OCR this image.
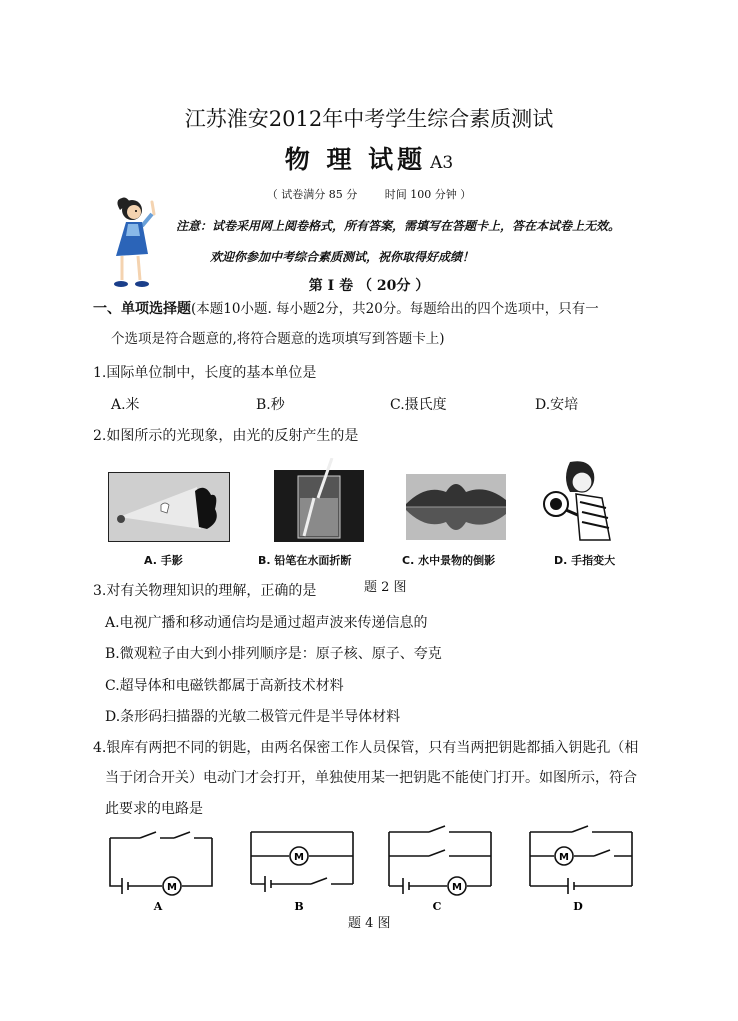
江苏淮安2012年中考学生综合素质测试
物 理 试题 A3
（ 试卷满分 85 分	时间 100 分钟 ）
注意：试卷采用网上阅卷格式，所有答案，需填写在答题卡上，答在本试卷上无效。
欢迎你参加中考综合素质测试，祝你取得好成绩！
第 I 卷 （ 20分 ）
一、单项选择题(本题10小题. 每小题2分，共20分。每题给出的四个选项中，只有一
个选项是符合题意的,将符合题意的选项填写到答题卡上)
1.国际单位制中，长度的基本单位是
A.米	B.秒	C.摄氏度	D.安培
2.如图所示的光现象，由光的反射产生的是
A. 手影	B. 铅笔在水面折断	C. 水中景物的倒影	D. 手指变大
题 2 图
3.对有关物理知识的理解，正确的是
A.电视广播和移动通信均是通过超声波来传递信息的
B.微观粒子由大到小排列顺序是：原子核、原子、夸克
C.超导体和电磁铁都属于高新技术材料
D.条形码扫描器的光敏二极管元件是半导体材料
4.银库有两把不同的钥匙，由两名保密工作人员保管，只有当两把钥匙都插入钥匙孔（相
当于闭合开关）电动门才会打开，单独使用某一把钥匙不能使门打开。如图所示，符合
此要求的电路是
M
A
M
B
M
C
M
D
题 4 图
